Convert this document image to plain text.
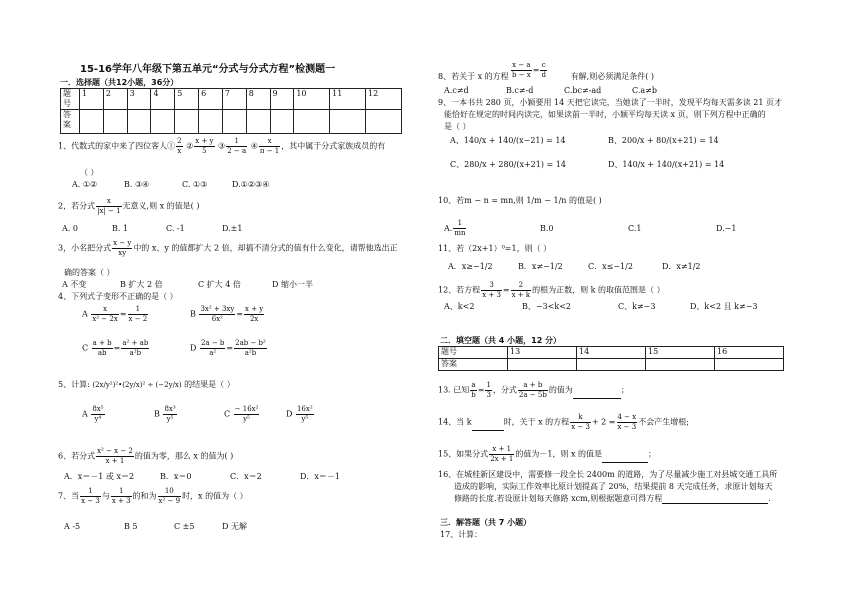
15-16学年八年级下第五单元“分式与分式方程”检测题一
一．选择题（共12小题，36分）
题号	1	2	3	4	5	6	7	8	9	10	11	12
答案												
1、代数式的家中来了四位客人① $\frac{2}{x}$ ② $\frac{x + y}{5}$ ③ $\frac{1}{2 - a}$ ④ $\frac{x}{\pi - 1}$ ，其中属于分式家族成员的有
（ ）
A. ①②	B. ③④	C. ①③	D.①②③④
2，若分式 $\frac{x}{|x| - 1}$ 无意义,则 x 的值是( )
A. 0	B. 1	C. -1	D.±1
3，小名把分式 $\frac{x - y}{xy}$ 中的 x、y 的值都扩大 2 倍，却搞不清分式的值有什么变化，请帮他选出正
确的答案（ ）
A 不变	B 扩大 2 倍	C 扩大 4 倍	D 缩小一半
4、下列式子变形不正确的是（ ）
A $\frac{x}{\text{x² − 2x}} = \frac{1}{x - 2}$	B $\frac{\text{3x² + 3xy}}{\text{6x²}} = \frac{x + y}{2x}$
C $\frac{a + b}{ab} = \frac{\text{a² + ab}}{\text{a²b}}$	D $\frac{2a - b}{\text{a²}} = \frac{\text{2ab − b²}}{\text{a²b}}$
5、计算: (2x/y²)²•(2y/x)² ÷ (−2y/x) 的结果是（ ）
A $\frac{\text{8x⁵}}{\text{y⁴}}$	B $\frac{\text{8x³}}{\text{y⁵}}$	C $\frac{\text{− 16x²}}{\text{y⁵}}$	D $\frac{\text{16x²}}{\text{y⁵}}$
6、若分式 $\frac{\text{x² − x − 2}}{x + 1}$ 的值为零，那么 x 的值为( )
A．x＝－1 或 x＝2	B．x＝0	C．x＝2	D．x＝－1
7、当 $\frac{1}{x - 3}$ 与 $\frac{1}{x + 3}$ 的和为 $\frac{10}{\text{x² − 9}}$ 时，x 的值为（ ）
A -5	B 5	C ±5	D 无解
$\frac{x - a}{b - x} = \frac{c}{d}$
8、若关于 x 的方程	有解,则必须满足条件( )
A.c≠d	B.c≠-d	C.bc≠-ad	C.a≠b
9、一本书共 280 页，小颖要用 14 天把它读完，当她读了一半时，发现平均每天需多读 21 页才
能恰好在规定的时间内读完，如果读前一半时，小颖平均每天读 x 页，则下列方程中正确的
是（ ）
A、140/x + 140/(x−21) = 14	B、200/x + 80/(x+21) = 14
C、280/x + 280/(x+21) = 14	D、140/x + 140/(x+21) = 14
10、若m − n = mn,则 1/m − 1/n 的值是( )
A. $\frac{1}{mn}$	B.0	C.1	D.−1
11、若（2x+1）⁰=1，则（ ）
A．x≥−1/2	B．x≠−1/2	C．x≤−1/2	D．x≠1/2
12、若方程 $\frac{3}{x + 3} = \frac{2}{x + k}$ 的根为正数，则 k 的取值范围是（ ）
A、k<2	B、−3<k<2	C、k≠−3	D、k<2 且 k≠−3
二．填空题（共 4 小题，12 分）
题号	13	14	15	16
答案				
13. 已知 $\frac{a}{b} = \frac{1}{3}$ ，分式 $\frac{a + b}{2a - 5b}$ 的值为	；
14、当 k	时，关于 x 的方程 $\frac{k}{x - 3} + 2 = \frac{4 - x}{x - 3}$ 不会产生增根;
15、如果分式 $\frac{x + 1}{2x + 1}$ 的值为－1，则 x 的值是	；
16、在城桂新区建设中，需要修一段全长 2400m 的道路，为了尽量减少施工对县城交通工具所
造成的影响，实际工作效率比原计划提高了 20%，结果提前 8 天完成任务，求原计划每天
修路的长度.若设原计划每天修路 xcm,则根据题意可得方程	.
三．解答题（共 7 小题）
17、计算：
